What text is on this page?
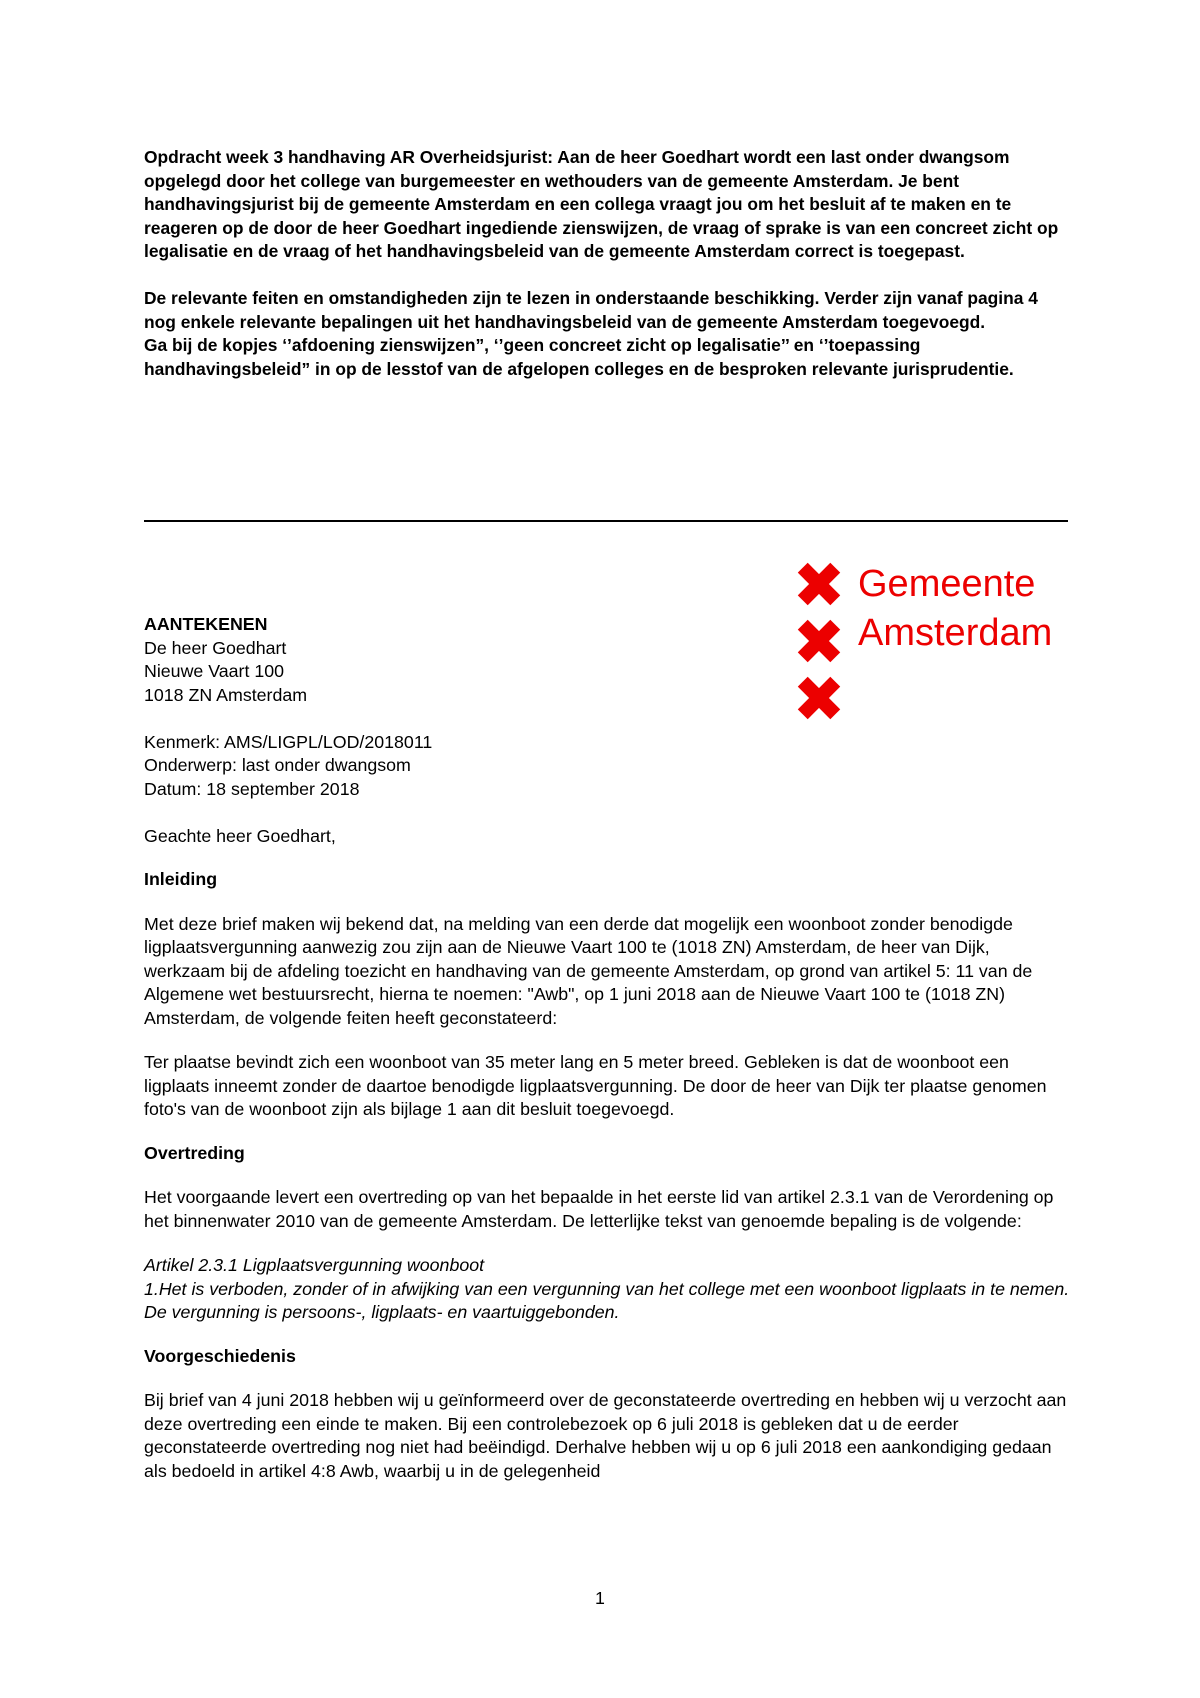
Opdracht week 3 handhaving AR Overheidsjurist: Aan de heer Goedhart wordt een last onder dwangsom opgelegd door het college van burgemeester en wethouders van de gemeente Amsterdam. Je bent handhavingsjurist bij de gemeente Amsterdam en een collega vraagt jou om het besluit af te maken en te reageren op de door de heer Goedhart ingediende zienswijzen, de vraag of sprake is van een concreet zicht op legalisatie en de vraag of het handhavingsbeleid van de gemeente Amsterdam correct is toegepast.

De relevante feiten en omstandigheden zijn te lezen in onderstaande beschikking. Verder zijn vanaf pagina 4 nog enkele relevante bepalingen uit het handhavingsbeleid van de gemeente Amsterdam toegevoegd.
Ga bij de kopjes ‘’afdoening zienswijzen”, ‘’geen concreet zicht op legalisatie’’ en ‘’toepassing handhavingsbeleid” in op de lesstof van de afgelopen colleges en de besproken relevante jurisprudentie.

Gemeente
Amsterdam
AANTEKENEN
De heer Goedhart
Nieuwe Vaart 100
1018 ZN Amsterdam
Kenmerk: AMS/LIGPL/LOD/2018011
Onderwerp: last onder dwangsom
Datum: 18 september 2018
Geachte heer Goedhart,
Inleiding
Met deze brief maken wij bekend dat, na melding van een derde dat mogelijk een woonboot zonder benodigde ligplaatsvergunning aanwezig zou zijn aan de Nieuwe Vaart 100 te (1018 ZN) Amsterdam, de heer van Dijk, werkzaam bij de afdeling toezicht en handhaving van de gemeente Amsterdam, op grond van artikel 5: 11 van de Algemene wet bestuursrecht, hierna te noemen: "Awb", op 1 juni 2018 aan de Nieuwe Vaart 100 te (1018 ZN) Amsterdam, de volgende feiten heeft geconstateerd:
Ter plaatse bevindt zich een woonboot van 35 meter lang en 5 meter breed. Gebleken is dat de woonboot een ligplaats inneemt zonder de daartoe benodigde ligplaatsvergunning. De door de heer van Dijk ter plaatse genomen foto's van de woonboot zijn als bijlage 1 aan dit besluit toegevoegd.
Overtreding
Het voorgaande levert een overtreding op van het bepaalde in het eerste lid van artikel 2.3.1 van de Verordening op het binnenwater 2010 van de gemeente Amsterdam. De letterlijke tekst van genoemde bepaling is de volgende:
Artikel 2.3.1 Ligplaatsvergunning woonboot
1.Het is verboden, zonder of in afwijking van een vergunning van het college met een woonboot ligplaats in te nemen. De vergunning is persoons-, ligplaats- en vaartuiggebonden.
Voorgeschiedenis
Bij brief van 4 juni 2018 hebben wij u geïnformeerd over de geconstateerde overtreding en hebben wij u verzocht aan deze overtreding een einde te maken. Bij een controlebezoek op 6 juli 2018 is gebleken dat u de eerder geconstateerde overtreding nog niet had beëindigd. Derhalve hebben wij u op 6 juli 2018 een aankondiging gedaan als bedoeld in artikel 4:8 Awb, waarbij u in de gelegenheid
1
